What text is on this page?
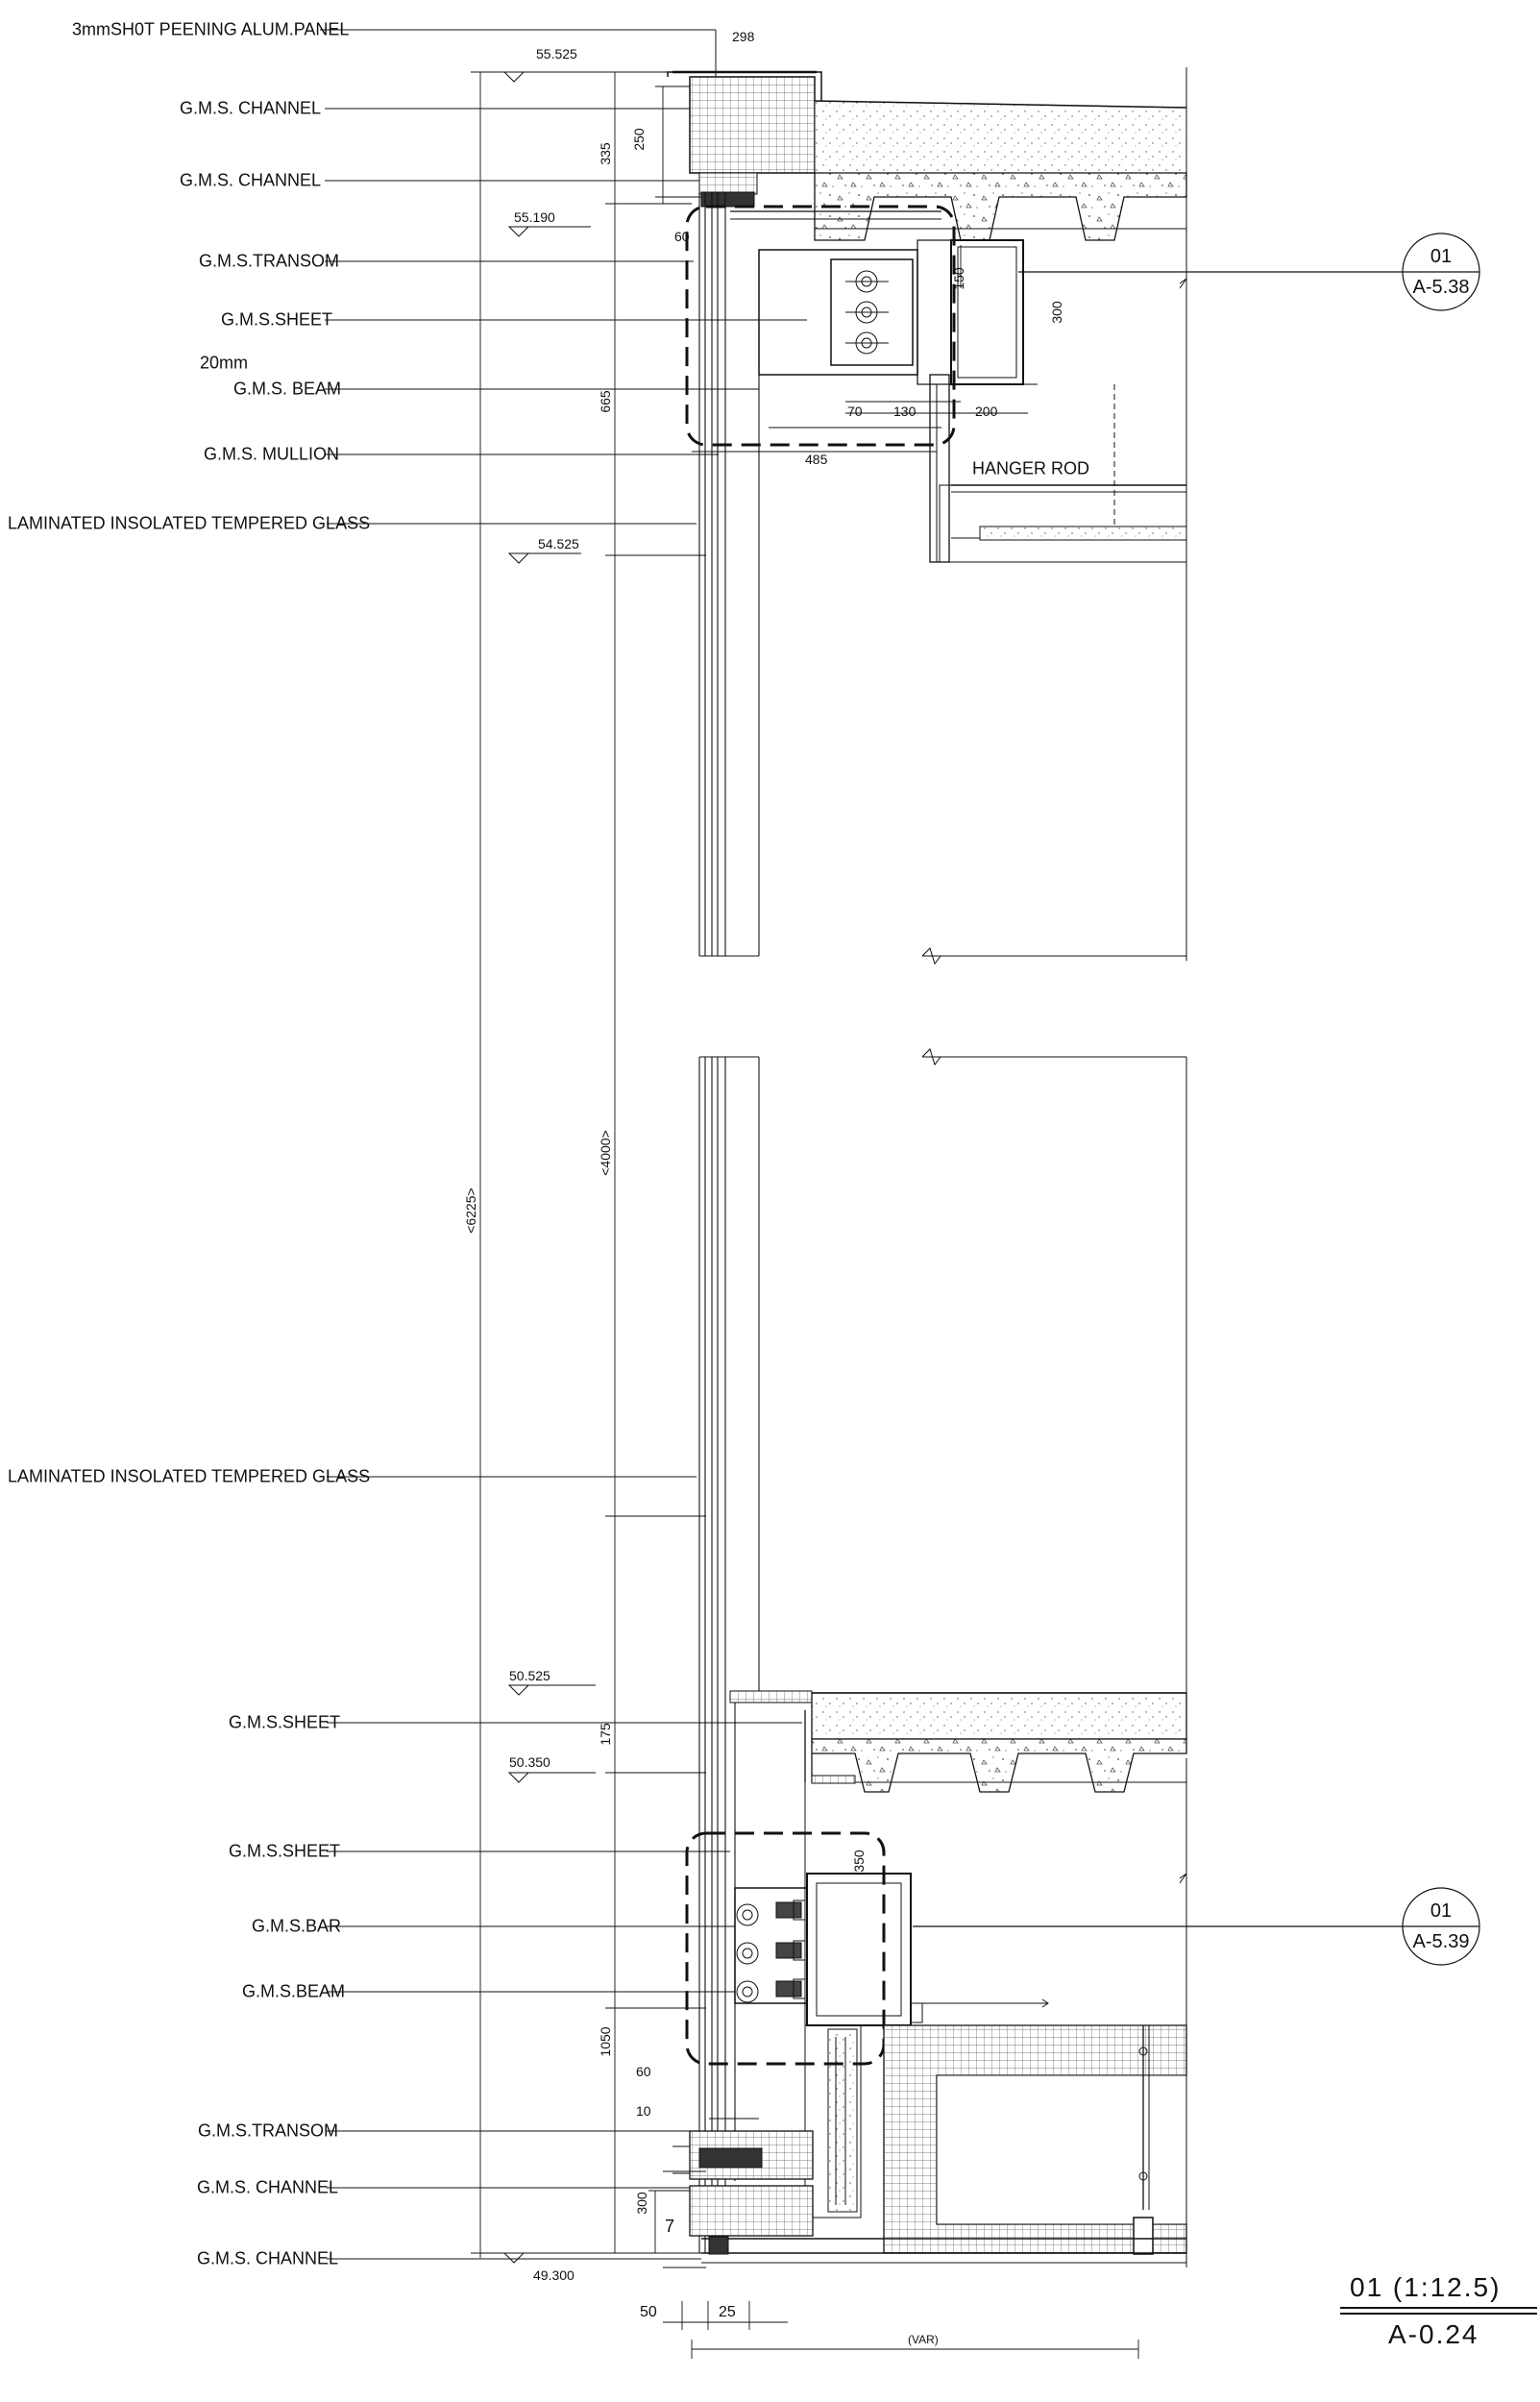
3mmSH0T PEENING ALUM.PANEL
G.M.S. CHANNEL
G.M.S. CHANNEL
G.M.S.TRANSOM
G.M.S.SHEET
20mm
G.M.S. BEAM
G.M.S. MULLION
LAMINATED INSOLATED TEMPERED GLASS
LAMINATED INSOLATED TEMPERED GLASS
G.M.S.SHEET
G.M.S.SHEET
G.M.S.BAR
G.M.S.BEAM
G.M.S.TRANSOM
G.M.S. CHANNEL
G.M.S. CHANNEL
HANGER ROD
55.525
55.190
54.525
50.525
50.350
49.300
298
335
250
60
150
300
70 130	200
485
665
<6225>
<4000>
175
350
1050
60
10
300
7
50	25
(VAR)
01
A-5.38
01
A-5.39
01 (1:12.5)
A-0.24
